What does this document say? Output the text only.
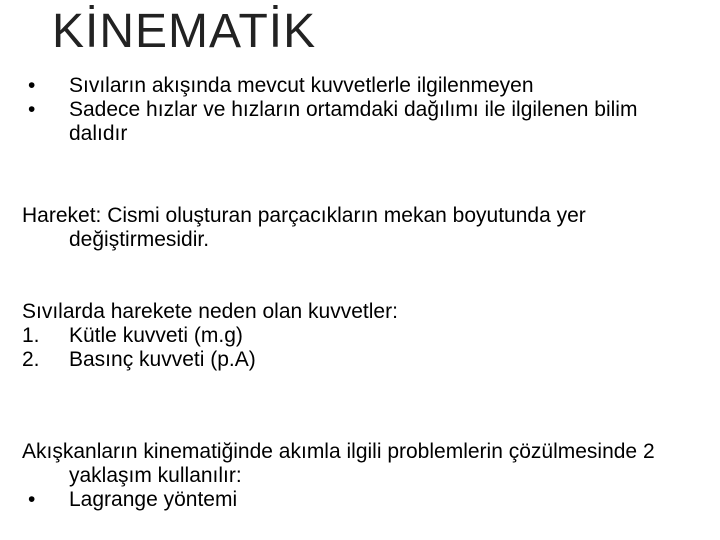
KİNEMATİK
• Sıvıların akışında mevcut kuvvetlerle ilgilenmeyen
• Sadece hızlar ve hızların ortamdaki dağılımı ile ilgilenen bilim dalıdır
Hareket: Cismi oluşturan parçacıkların mekan boyutunda yer değiştirmesidir.
Sıvılarda harekete neden olan kuvvetler:
1. Kütle kuvveti (m.g)
2. Basınç kuvveti (p.A)
Akışkanların kinematiğinde akımla ilgili problemlerin çözülmesinde 2 yaklaşım kullanılır:
• Lagrange yöntemi
